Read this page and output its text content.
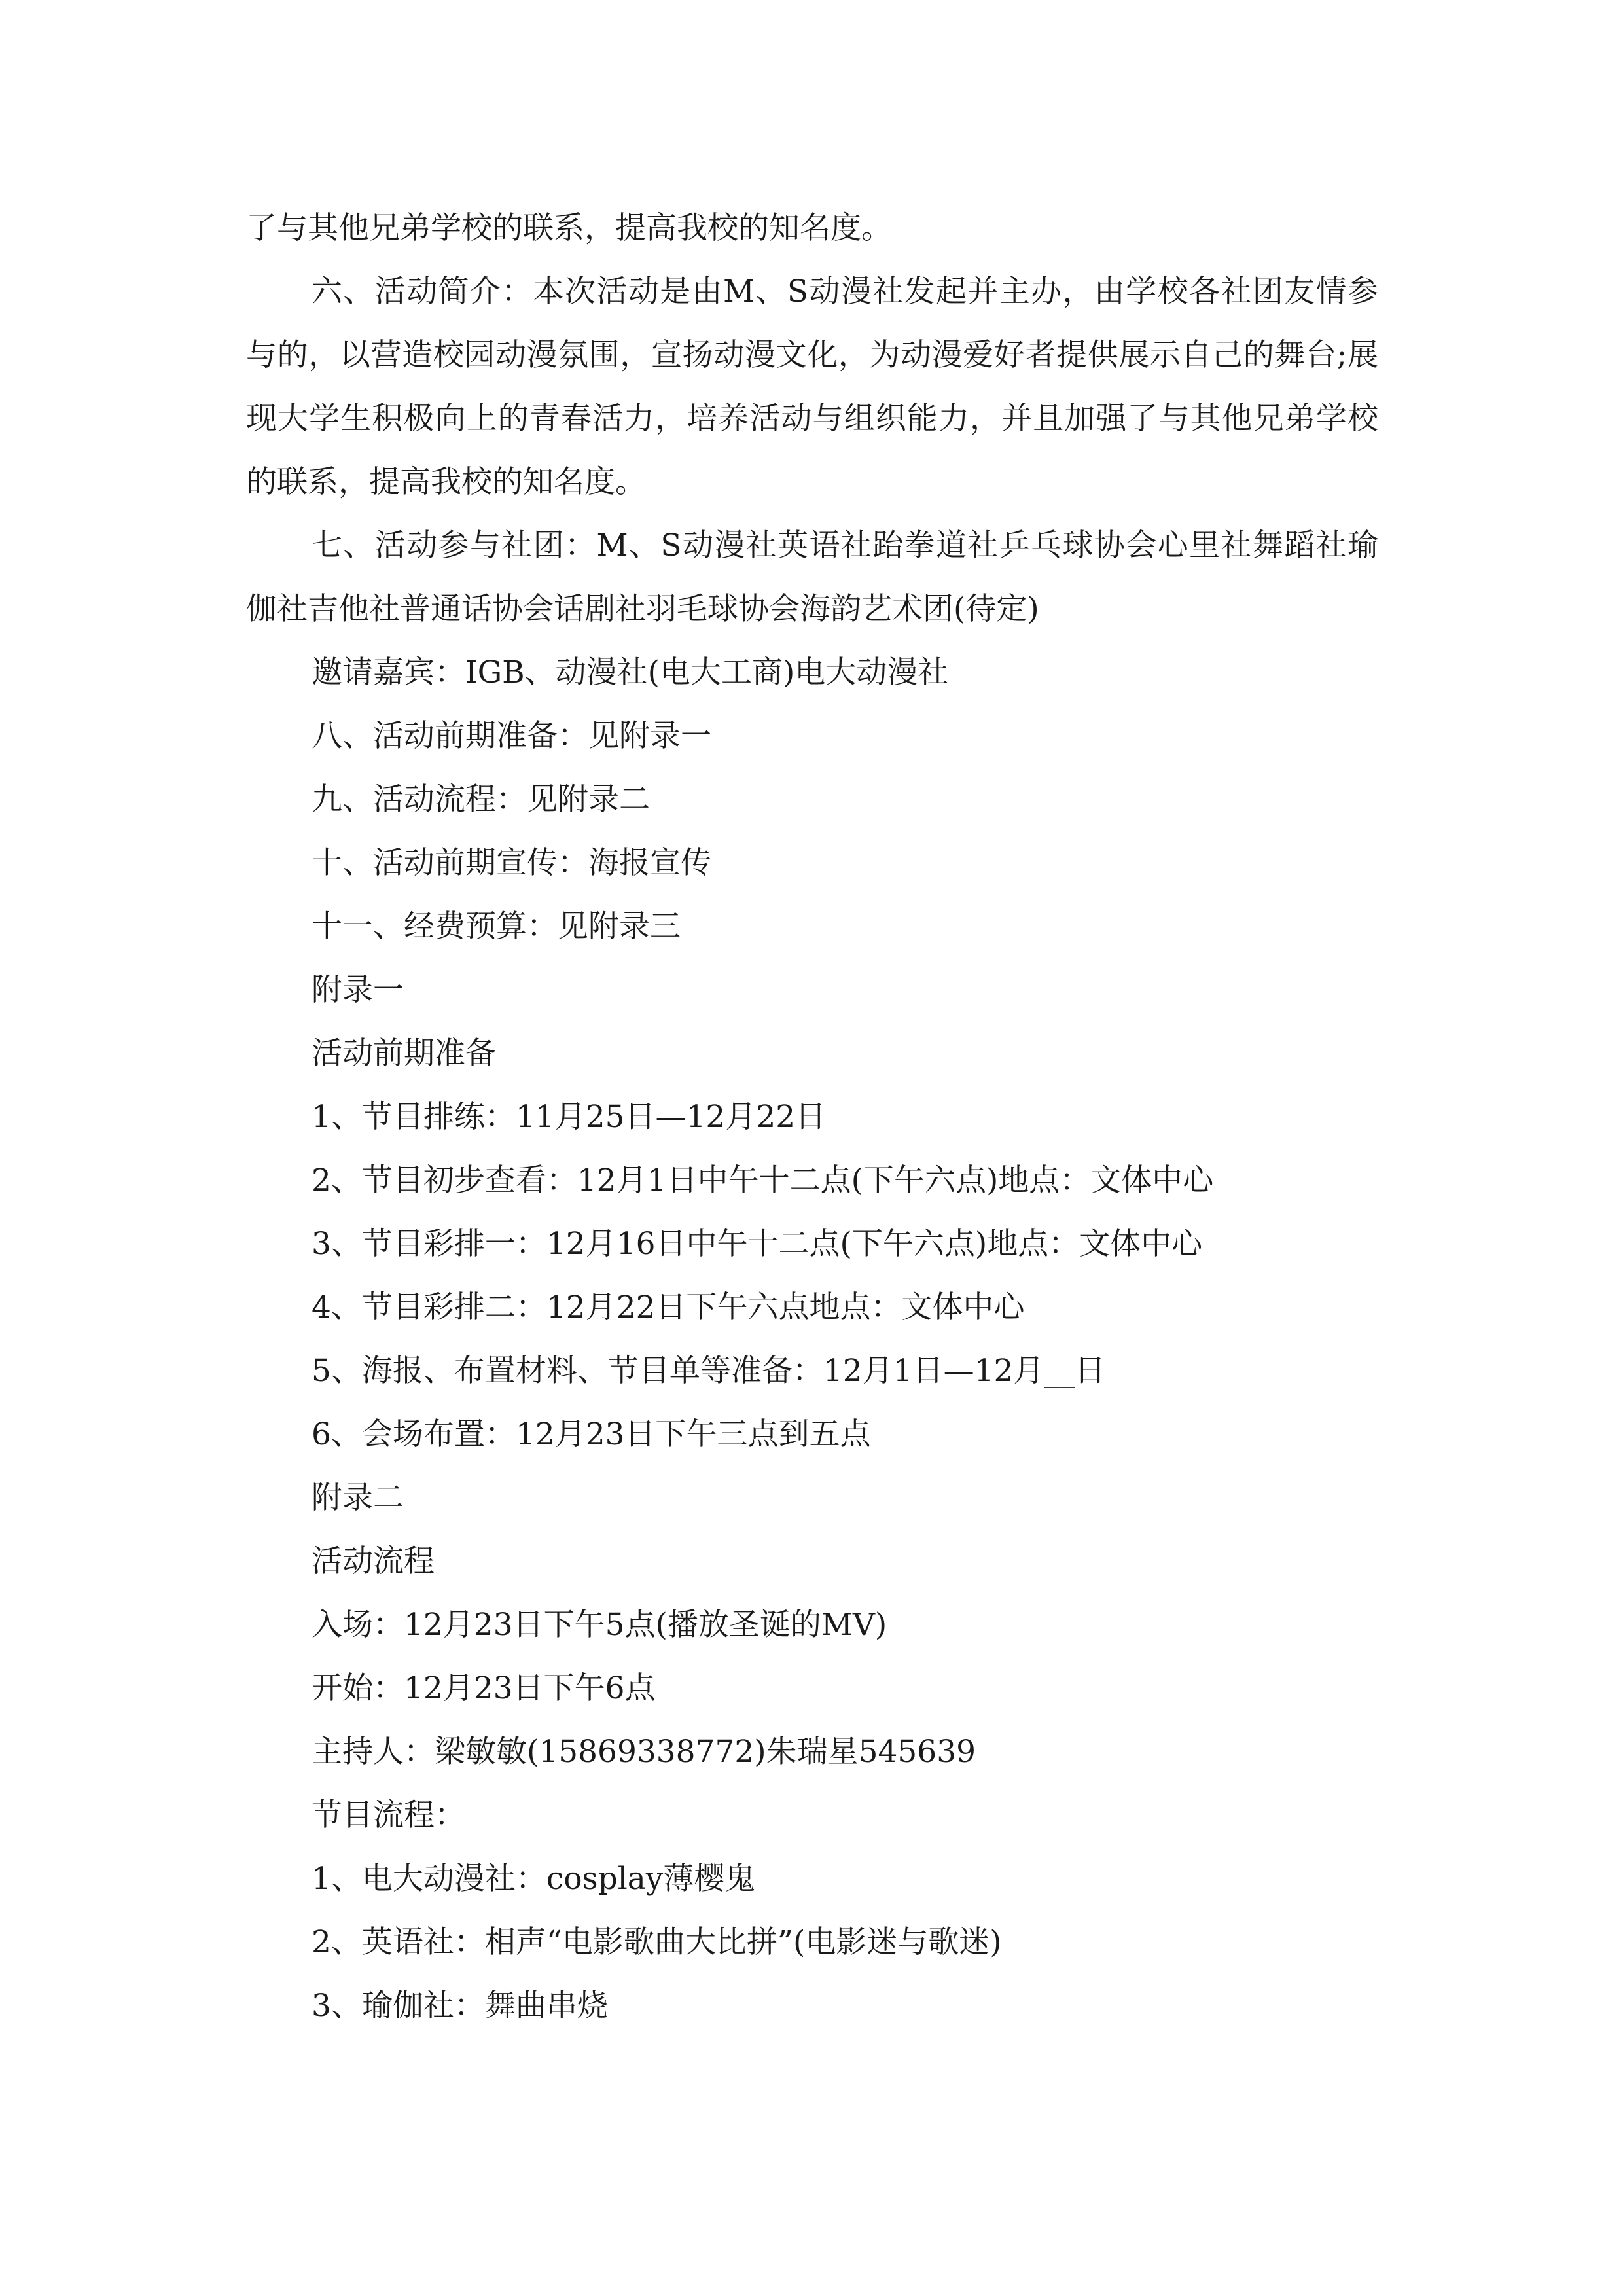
了与其他兄弟学校的联系，提高我校的知名度。

六、活动简介：本次活动是由M、S动漫社发起并主办，由学校各社团友情参与的，以营造校园动漫氛围，宣扬动漫文化，为动漫爱好者提供展示自己的舞台;展现大学生积极向上的青春活力，培养活动与组织能力，并且加强了与其他兄弟学校的联系，提高我校的知名度。

七、活动参与社团：M、S动漫社英语社跆拳道社乒乓球协会心里社舞蹈社瑜伽社吉他社普通话协会话剧社羽毛球协会海韵艺术团(待定)

邀请嘉宾：IGB、动漫社(电大工商)电大动漫社

八、活动前期准备：见附录一

九、活动流程：见附录二

十、活动前期宣传：海报宣传

十一、经费预算：见附录三

附录一

活动前期准备

1、节目排练：11月25日—12月22日

2、节目初步查看：12月1日中午十二点(下午六点)地点：文体中心

3、节目彩排一：12月16日中午十二点(下午六点)地点：文体中心

4、节目彩排二：12月22日下午六点地点：文体中心

5、海报、布置材料、节目单等准备：12月1日—12月__日

6、会场布置：12月23日下午三点到五点

附录二

活动流程

入场：12月23日下午5点(播放圣诞的MV)

开始：12月23日下午6点

主持人：梁敏敏(15869338772)朱瑞星545639

节目流程：

1、电大动漫社：cosplay薄樱鬼

2、英语社：相声“电影歌曲大比拼”(电影迷与歌迷)

3、瑜伽社：舞曲串烧
